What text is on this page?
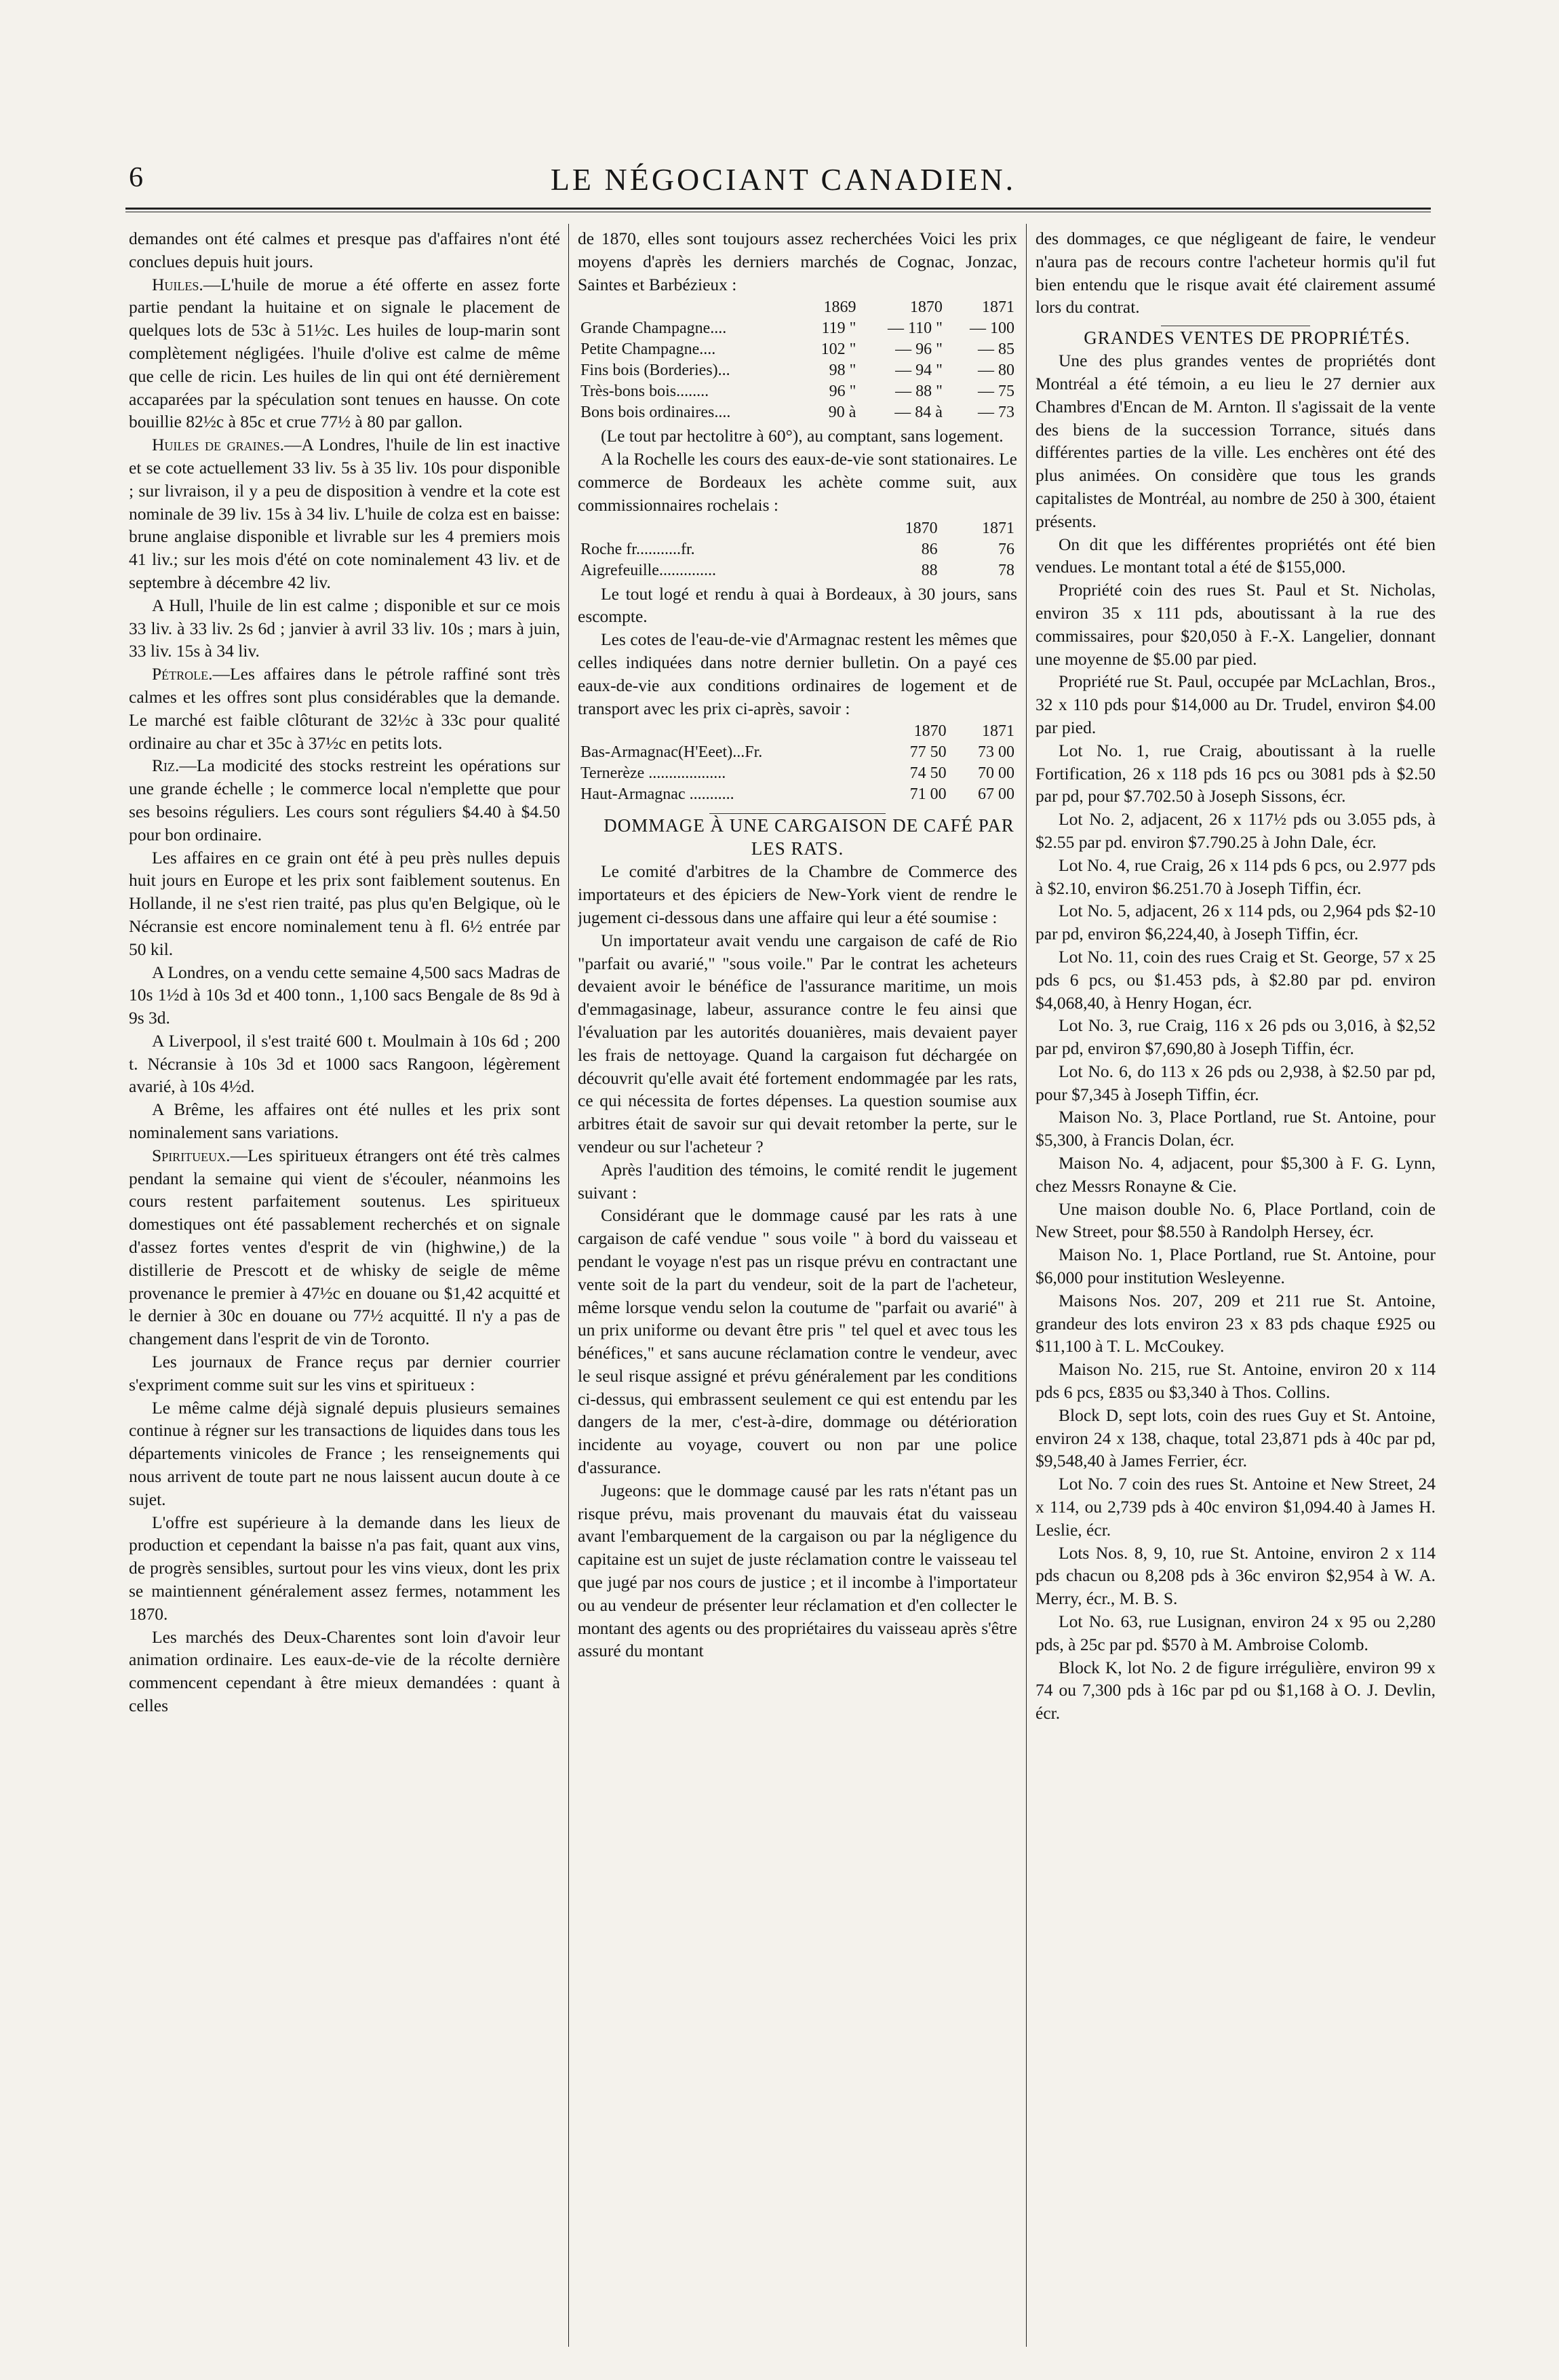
6	LE NÉGOCIANT CANADIEN.

demandes ont été calmes et presque pas d'affaires n'ont été conclues depuis huit jours.

Huiles.—L'huile de morue a été offerte en assez forte partie pendant la huitaine et on signale le placement de quelques lots de 53c à 51½c. Les huiles de loup-marin sont complètement négligées. l'huile d'olive est calme de même que celle de ricin. Les huiles de lin qui ont été dernièrement accaparées par la spéculation sont tenues en hausse. On cote bouillie 82½c à 85c et crue 77½ à 80 par gallon.

Huiles de graines.—A Londres, l'huile de lin est inactive et se cote actuellement 33 liv. 5s à 35 liv. 10s pour disponible ; sur livraison, il y a peu de disposition à vendre et la cote est nominale de 39 liv. 15s à 34 liv. L'huile de colza est en baisse: brune anglaise disponible et livrable sur les 4 premiers mois 41 liv.; sur les mois d'été on cote nominalement 43 liv. et de septembre à décembre 42 liv.

A Hull, l'huile de lin est calme ; disponible et sur ce mois 33 liv. à 33 liv. 2s 6d ; janvier à avril 33 liv. 10s ; mars à juin, 33 liv. 15s à 34 liv.

Pétrole.—Les affaires dans le pétrole raffiné sont très calmes et les offres sont plus considérables que la demande. Le marché est faible clôturant de 32½c à 33c pour qualité ordinaire au char et 35c à 37½c en petits lots.

Riz.—La modicité des stocks restreint les opérations sur une grande échelle ; le commerce local n'emplette que pour ses besoins réguliers. Les cours sont réguliers $4.40 à $4.50 pour bon ordinaire.

Les affaires en ce grain ont été à peu près nulles depuis huit jours en Europe et les prix sont faiblement soutenus. En Hollande, il ne s'est rien traité, pas plus qu'en Belgique, où le Nécransie est encore nominalement tenu à fl. 6½ entrée par 50 kil.

A Londres, on a vendu cette semaine 4,500 sacs Madras de 10s 1½d à 10s 3d et 400 tonn., 1,100 sacs Bengale de 8s 9d à 9s 3d.

A Liverpool, il s'est traité 600 t. Moulmain à 10s 6d ; 200 t. Nécransie à 10s 3d et 1000 sacs Rangoon, légèrement avarié, à 10s 4½d.

A Brême, les affaires ont été nulles et les prix sont nominalement sans variations.

Spiritueux.—Les spiritueux étrangers ont été très calmes pendant la semaine qui vient de s'écouler, néanmoins les cours restent parfaitement soutenus. Les spiritueux domestiques ont été passablement recherchés et on signale d'assez fortes ventes d'esprit de vin (highwine,) de la distillerie de Prescott et de whisky de seigle de même provenance le premier à 47½c en douane ou $1,42 acquitté et le dernier à 30c en douane ou 77½ acquitté. Il n'y a pas de changement dans l'esprit de vin de Toronto.

Les journaux de France reçus par dernier courrier s'expriment comme suit sur les vins et spiritueux :

Le même calme déjà signalé depuis plusieurs semaines continue à régner sur les transactions de liquides dans tous les départements vinicoles de France ; les renseignements qui nous arrivent de toute part ne nous laissent aucun doute à ce sujet.

L'offre est supérieure à la demande dans les lieux de production et cependant la baisse n'a pas fait, quant aux vins, de progrès sensibles, surtout pour les vins vieux, dont les prix se maintiennent généralement assez fermes, notamment les 1870.

Les marchés des Deux-Charentes sont loin d'avoir leur animation ordinaire. Les eaux-de-vie de la récolte dernière commencent cependant à être mieux demandées : quant à celles

de 1870, elles sont toujours assez recherchées Voici les prix moyens d'après les derniers marchés de Cognac, Jonzac, Saintes et Barbézieux :

	1869	1870	1871
Grande Champagne....	119 "	— 110 "	— 100
Petite Champagne....	102 "	— 96 "	— 85
Fins bois (Borderies)...	98 "	— 94 "	— 80
Très-bons bois........	96 "	— 88 "	— 75
Bons bois ordinaires....	90 à	— 84 à	— 73

(Le tout par hectolitre à 60°), au comptant, sans logement.

A la Rochelle les cours des eaux-de-vie sont stationaires. Le commerce de Bordeaux les achète comme suit, aux commissionnaires rochelais :

	1870	1871
Roche fr...........fr.	86	76
Aigrefeuille..............	88	78

Le tout logé et rendu à quai à Bordeaux, à 30 jours, sans escompte.

Les cotes de l'eau-de-vie d'Armagnac restent les mêmes que celles indiquées dans notre dernier bulletin. On a payé ces eaux-de-vie aux conditions ordinaires de logement et de transport avec les prix ci-après, savoir :

	1870	1871
Bas-Armagnac(H'Eeet)...Fr.	77 50	73 00
Ternerèze ...................	74 50	70 00
Haut-Armagnac ...........	71 00	67 00

DOMMAGE À UNE CARGAISON DE CAFÉ PAR LES RATS.

Le comité d'arbitres de la Chambre de Commerce des importateurs et des épiciers de New-York vient de rendre le jugement ci-dessous dans une affaire qui leur a été soumise :

Un importateur avait vendu une cargaison de café de Rio "parfait ou avarié," "sous voile." Par le contrat les acheteurs devaient avoir le bénéfice de l'assurance maritime, un mois d'emmagasinage, labeur, assurance contre le feu ainsi que l'évaluation par les autorités douanières, mais devaient payer les frais de nettoyage. Quand la cargaison fut déchargée on découvrit qu'elle avait été fortement endommagée par les rats, ce qui nécessita de fortes dépenses. La question soumise aux arbitres était de savoir sur qui devait retomber la perte, sur le vendeur ou sur l'acheteur ?

Après l'audition des témoins, le comité rendit le jugement suivant :

Considérant que le dommage causé par les rats à une cargaison de café vendue " sous voile " à bord du vaisseau et pendant le voyage n'est pas un risque prévu en contractant une vente soit de la part du vendeur, soit de la part de l'acheteur, même lorsque vendu selon la coutume de "parfait ou avarié" à un prix uniforme ou devant être pris " tel quel et avec tous les bénéfices," et sans aucune réclamation contre le vendeur, avec le seul risque assigné et prévu généralement par les conditions ci-dessus, qui embrassent seulement ce qui est entendu par les dangers de la mer, c'est-à-dire, dommage ou détérioration incidente au voyage, couvert ou non par une police d'assurance.

Jugeons: que le dommage causé par les rats n'étant pas un risque prévu, mais provenant du mauvais état du vaisseau avant l'embarquement de la cargaison ou par la négligence du capitaine est un sujet de juste réclamation contre le vaisseau tel que jugé par nos cours de justice ; et il incombe à l'importateur ou au vendeur de présenter leur réclamation et d'en collecter le montant des agents ou des propriétaires du vaisseau après s'être assuré du montant

des dommages, ce que négligeant de faire, le vendeur n'aura pas de recours contre l'acheteur hormis qu'il fut bien entendu que le risque avait été clairement assumé lors du contrat.

GRANDES VENTES DE PROPRIÉTÉS.

Une des plus grandes ventes de propriétés dont Montréal a été témoin, a eu lieu le 27 dernier aux Chambres d'Encan de M. Arnton. Il s'agissait de la vente des biens de la succession Torrance, situés dans différentes parties de la ville. Les enchères ont été des plus animées. On considère que tous les grands capitalistes de Montréal, au nombre de 250 à 300, étaient présents.

On dit que les différentes propriétés ont été bien vendues. Le montant total a été de $155,000.

Propriété coin des rues St. Paul et St. Nicholas, environ 35 x 111 pds, aboutissant à la rue des commissaires, pour $20,050 à F.-X. Langelier, donnant une moyenne de $5.00 par pied.

Propriété rue St. Paul, occupée par McLachlan, Bros., 32 x 110 pds pour $14,000 au Dr. Trudel, environ $4.00 par pied.

Lot No. 1, rue Craig, aboutissant à la ruelle Fortification, 26 x 118 pds 16 pcs ou 3081 pds à $2.50 par pd, pour $7.702.50 à Joseph Sissons, écr.

Lot No. 2, adjacent, 26 x 117½ pds ou 3.055 pds, à $2.55 par pd. environ $7.790.25 à John Dale, écr.

Lot No. 4, rue Craig, 26 x 114 pds 6 pcs, ou 2.977 pds à $2.10, environ $6.251.70 à Joseph Tiffin, écr.

Lot No. 5, adjacent, 26 x 114 pds, ou 2,964 pds $2-10 par pd, environ $6,224,40, à Joseph Tiffin, écr.

Lot No. 11, coin des rues Craig et St. George, 57 x 25 pds 6 pcs, ou $1.453 pds, à $2.80 par pd. environ $4,068,40, à Henry Hogan, écr.

Lot No. 3, rue Craig, 116 x 26 pds ou 3,016, à $2,52 par pd, environ $7,690,80 à Joseph Tiffin, écr.

Lot No. 6, do 113 x 26 pds ou 2,938, à $2.50 par pd, pour $7,345 à Joseph Tiffin, écr.

Maison No. 3, Place Portland, rue St. Antoine, pour $5,300, à Francis Dolan, écr.

Maison No. 4, adjacent, pour $5,300 à F. G. Lynn, chez Messrs Ronayne & Cie.

Une maison double No. 6, Place Portland, coin de New Street, pour $8.550 à Randolph Hersey, écr.

Maison No. 1, Place Portland, rue St. Antoine, pour $6,000 pour institution Wesleyenne.

Maisons Nos. 207, 209 et 211 rue St. Antoine, grandeur des lots environ 23 x 83 pds chaque £925 ou $11,100 à T. L. McCoukey.

Maison No. 215, rue St. Antoine, environ 20 x 114 pds 6 pcs, £835 ou $3,340 à Thos. Collins.

Block D, sept lots, coin des rues Guy et St. Antoine, environ 24 x 138, chaque, total 23,871 pds à 40c par pd, $9,548,40 à James Ferrier, écr.

Lot No. 7 coin des rues St. Antoine et New Street, 24 x 114, ou 2,739 pds à 40c environ $1,094.40 à James H. Leslie, écr.

Lots Nos. 8, 9, 10, rue St. Antoine, environ 2 x 114 pds chacun ou 8,208 pds à 36c environ $2,954 à W. A. Merry, écr., M. B. S.

Lot No. 63, rue Lusignan, environ 24 x 95 ou 2,280 pds, à 25c par pd. $570 à M. Ambroise Colomb.

Block K, lot No. 2 de figure irrégulière, environ 99 x 74 ou 7,300 pds à 16c par pd ou $1,168 à O. J. Devlin, écr.
